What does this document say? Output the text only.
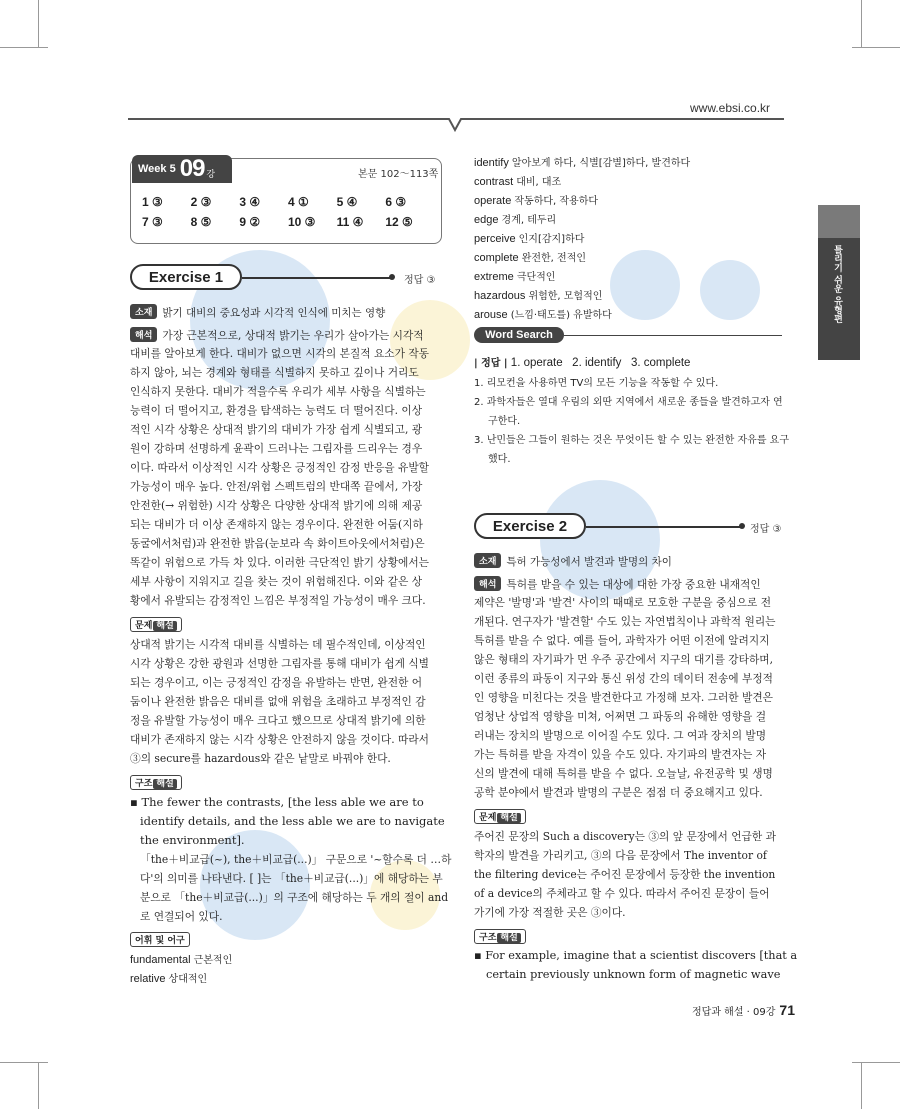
www.ebsi.co.kr
틀리기 쉬운 유형편
Week 5 09 강	본문 102～113쪽
1 ③	2 ③	3 ④	4 ①	5 ④	6 ③
7 ③	8 ⑤	9 ②	10 ③	11 ④	12 ⑤
Exercise 1	정답 ③
소재 밝기 대비의 중요성과 시각적 인식에 미치는 영향
해석 가장 근본적으로, 상대적 밝기는 우리가 살아가는 시각적
대비를 알아보게 한다. 대비가 없으면 시각의 본질적 요소가 작동
하지 않아, 뇌는 경계와 형태를 식별하지 못하고 깊이나 거리도
인식하지 못한다. 대비가 적을수록 우리가 세부 사항을 식별하는
능력이 더 떨어지고, 환경을 탐색하는 능력도 더 떨어진다. 이상
적인 시각 상황은 상대적 밝기의 대비가 가장 쉽게 식별되고, 광
원이 강하며 선명하게 윤곽이 드러나는 그림자를 드리우는 경우
이다. 따라서 이상적인 시각 상황은 긍정적인 감정 반응을 유발할
가능성이 매우 높다. 안전/위험 스펙트럼의 반대쪽 끝에서, 가장
안전한(→ 위험한) 시각 상황은 다양한 상대적 밝기에 의해 제공
되는 대비가 더 이상 존재하지 않는 경우이다. 완전한 어둠(지하
동굴에서처럼)과 완전한 밝음(눈보라 속 화이트아웃에서처럼)은
똑같이 위험으로 가득 차 있다. 이러한 극단적인 밝기 상황에서는
세부 사항이 지워지고 길을 찾는 것이 위험해진다. 이와 같은 상
황에서 유발되는 감정적인 느낌은 부정적일 가능성이 매우 크다.
문제 해설
상대적 밝기는 시각적 대비를 식별하는 데 필수적인데, 이상적인
시각 상황은 강한 광원과 선명한 그림자를 통해 대비가 쉽게 식별
되는 경우이고, 이는 긍정적인 감정을 유발하는 반면, 완전한 어
둠이나 완전한 밝음은 대비를 없애 위험을 초래하고 부정적인 감
정을 유발할 가능성이 매우 크다고 했으므로 상대적 밝기에 의한
대비가 존재하지 않는 시각 상황은 안전하지 않을 것이다. 따라서
③의 secure를 hazardous와 같은 낱말로 바꿔야 한다.
구조 해설
▪ The fewer the contrasts, [the less able we are to
identify details, and the less able we are to navigate
the environment].
「the＋비교급(~), the＋비교급(...)」 구문으로 '~할수록 더 …하
다'의 의미를 나타낸다. [ ]는 「the＋비교급(...)」에 해당하는 부
분으로 「the＋비교급(...)」의 구조에 해당하는 두 개의 절이 and
로 연결되어 있다.
어휘 및 어구
fundamental 근본적인
relative 상대적인
identify 알아보게 하다, 식별[감별]하다, 발견하다
contrast 대비, 대조
operate 작동하다, 작용하다
edge 경계, 테두리
perceive 인지[감지]하다
complete 완전한, 전적인
extreme 극단적인
hazardous 위험한, 모험적인
arouse (느낌·태도를) 유발하다
Word Search
| 정답 | 1. operate   2. identify   3. complete
1. 리모컨을 사용하면 TV의 모든 기능을 작동할 수 있다.
2. 과학자들은 열대 우림의 외딴 지역에서 새로운 종들을 발견하고자 연
구한다.
3. 난민들은 그들이 원하는 것은 무엇이든 할 수 있는 완전한 자유를 요구
했다.
Exercise 2	정답 ③
소재 특허 가능성에서 발견과 발명의 차이
해석 특허를 받을 수 있는 대상에 대한 가장 중요한 내재적인
제약은 '발명'과 '발견' 사이의 때때로 모호한 구분을 중심으로 전
개된다. 연구자가 '발견할' 수도 있는 자연법칙이나 과학적 원리는
특허를 받을 수 없다. 예를 들어, 과학자가 어떤 이전에 알려지지
않은 형태의 자기파가 먼 우주 공간에서 지구의 대기를 강타하며,
이런 종류의 파동이 지구와 통신 위성 간의 데이터 전송에 부정적
인 영향을 미친다는 것을 발견한다고 가정해 보자. 그러한 발견은
엄청난 상업적 영향을 미쳐, 어쩌면 그 파동의 유해한 영향을 걸
러내는 장치의 발명으로 이어질 수도 있다. 그 여과 장치의 발명
가는 특허를 받을 자격이 있을 수도 있다. 자기파의 발견자는 자
신의 발견에 대해 특허를 받을 수 없다. 오늘날, 유전공학 및 생명
공학 분야에서 발견과 발명의 구분은 점점 더 중요해지고 있다.
문제 해설
주어진 문장의 Such a discovery는 ③의 앞 문장에서 언급한 과
학자의 발견을 가리키고, ③의 다음 문장에서 The inventor of
the filtering device는 주어진 문장에서 등장한 the invention
of a device의 주체라고 할 수 있다. 따라서 주어진 문장이 들어
가기에 가장 적절한 곳은 ③이다.
구조 해설
▪ For example, imagine that a scientist discovers [that a
certain previously unknown form of magnetic wave
정답과 해설 · 09강 71
